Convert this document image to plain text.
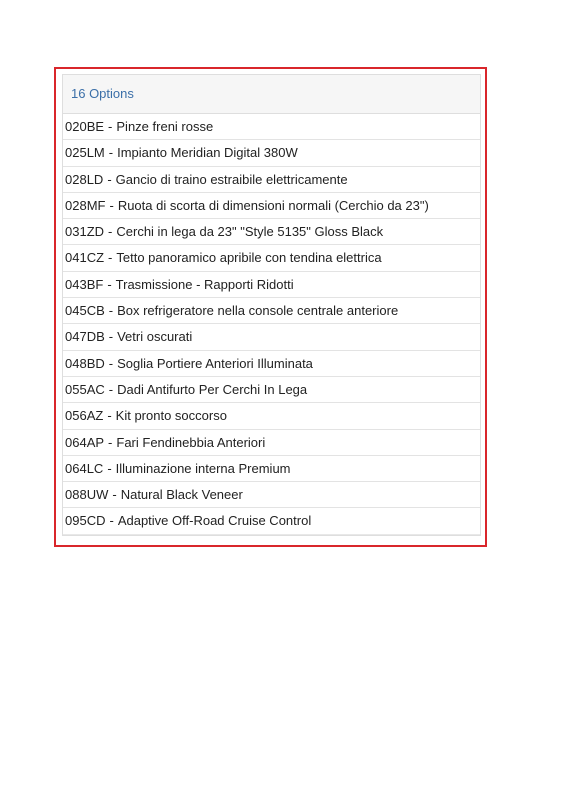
16 Options
020BE - Pinze freni rosse
025LM - Impianto Meridian Digital 380W
028LD - Gancio di traino estraibile elettricamente
028MF - Ruota di scorta di dimensioni normali (Cerchio da 23")
031ZD - Cerchi in lega da 23" "Style 5135" Gloss Black
041CZ - Tetto panoramico apribile con tendina elettrica
043BF - Trasmissione - Rapporti Ridotti
045CB - Box refrigeratore nella console centrale anteriore
047DB - Vetri oscurati
048BD - Soglia Portiere Anteriori Illuminata
055AC - Dadi Antifurto Per Cerchi In Lega
056AZ - Kit pronto soccorso
064AP - Fari Fendinebbia Anteriori
064LC - Illuminazione interna Premium
088UW - Natural Black Veneer
095CD - Adaptive Off-Road Cruise Control
